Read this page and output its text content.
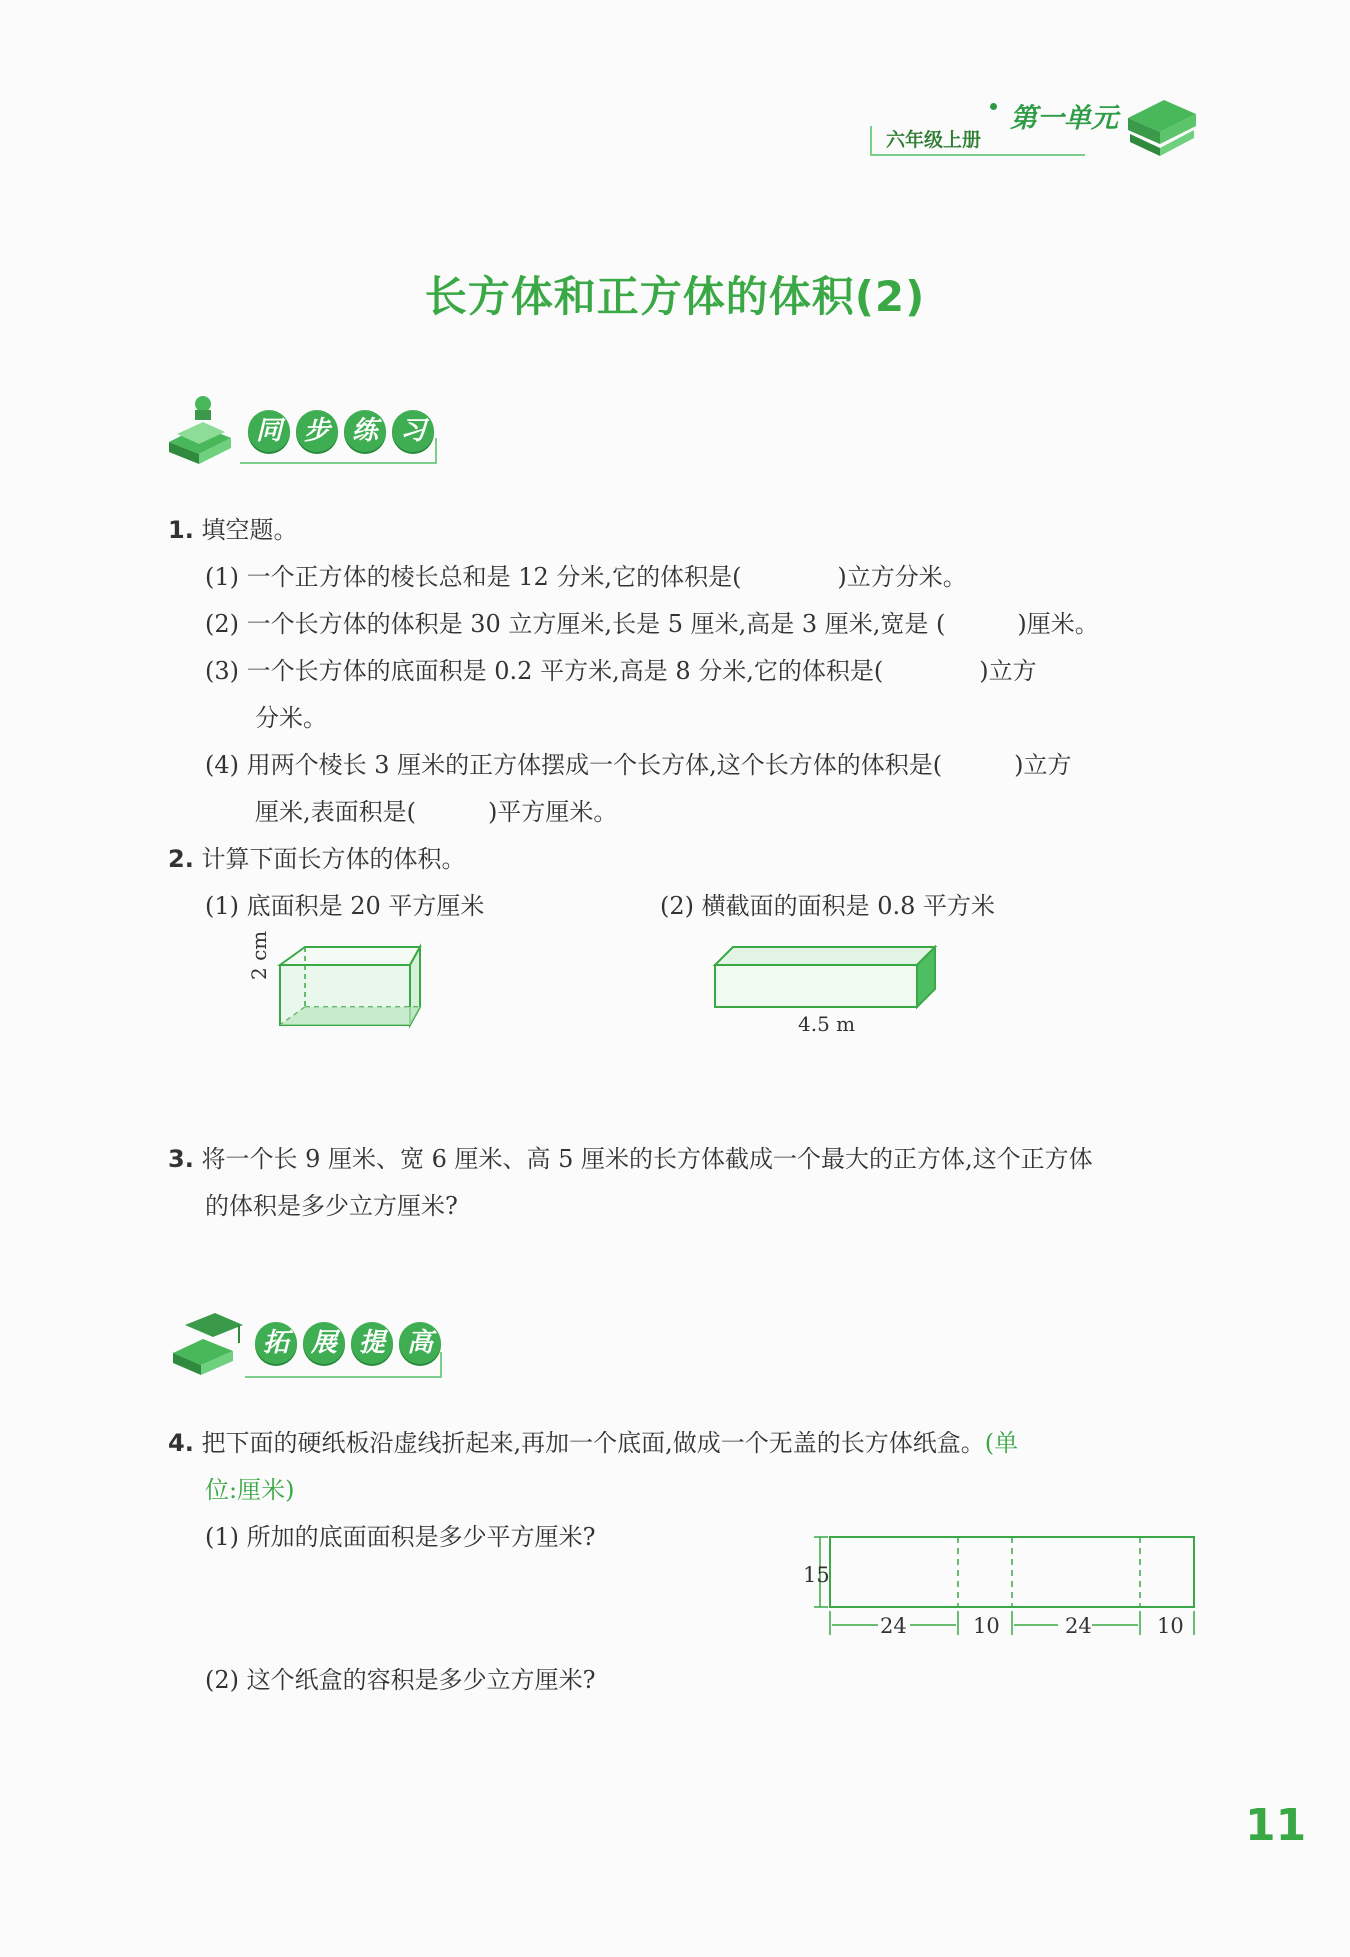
第一单元
六年级上册
长方体和正方体的体积(2)
同 步 练 习
1. 填空题。
(1) 一个正方体的棱长总和是 12 分米,它的体积是(　　　　)立方分米。
(2) 一个长方体的体积是 30 立方厘米,长是 5 厘米,高是 3 厘米,宽是 (　　　)厘米。
(3) 一个长方体的底面积是 0.2 平方米,高是 8 分米,它的体积是(　　　　)立方
分米。
(4) 用两个棱长 3 厘米的正方体摆成一个长方体,这个长方体的体积是(　　　)立方
厘米,表面积是(　　　)平方厘米。
2. 计算下面长方体的体积。
(1) 底面积是 20 平方厘米	(2) 横截面的面积是 0.8 平方米
2 cm
4.5 m
3. 将一个长 9 厘米、宽 6 厘米、高 5 厘米的长方体截成一个最大的正方体,这个正方体
的体积是多少立方厘米?
拓 展 提 高
4. 把下面的硬纸板沿虚线折起来,再加一个底面,做成一个无盖的长方体纸盒。(单
位:厘米)
(1) 所加的底面面积是多少平方厘米?
(2) 这个纸盒的容积是多少立方厘米?
15
24	10	24	10
11
